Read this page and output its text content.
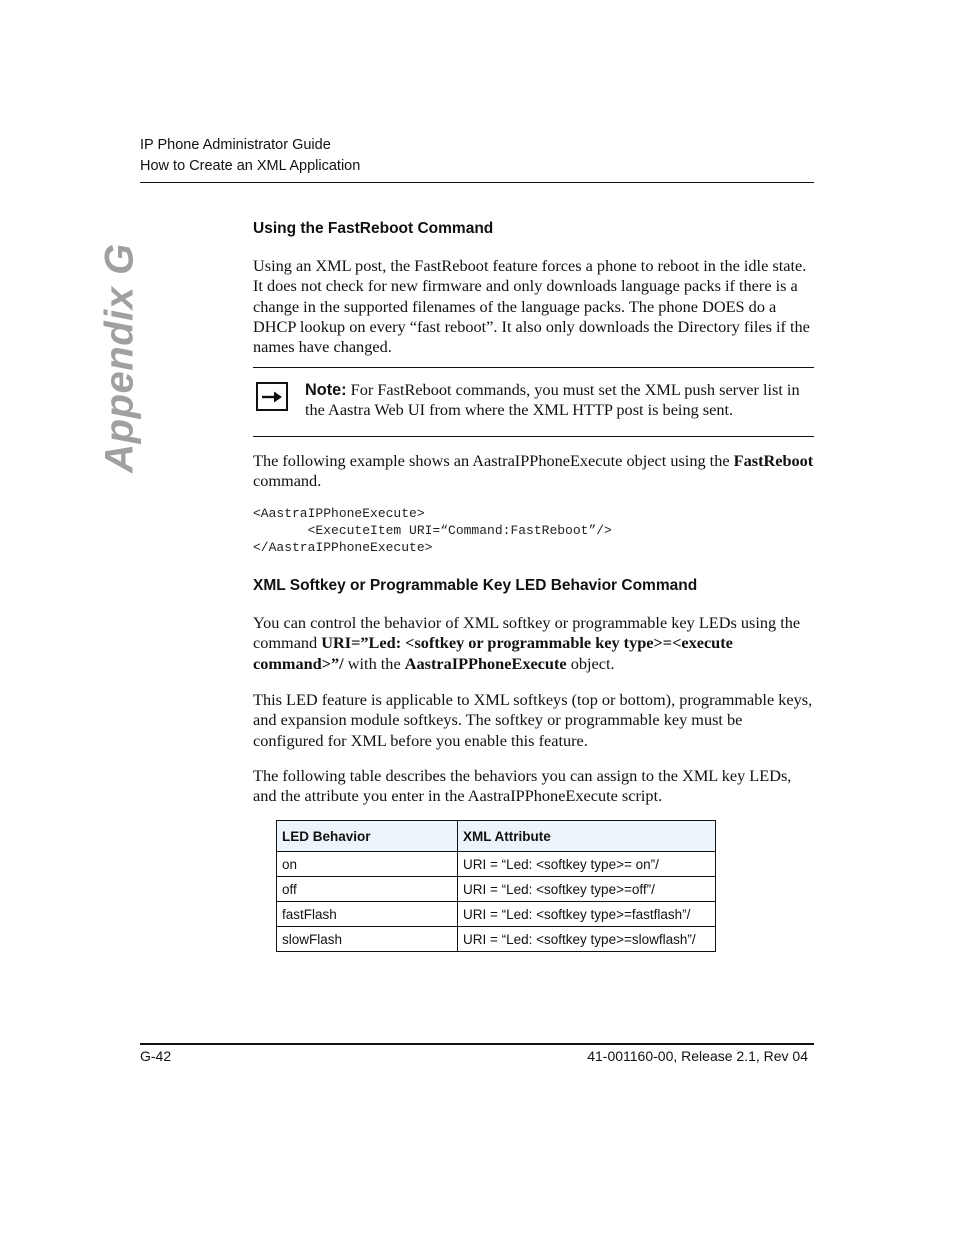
IP Phone Administrator Guide
How to Create an XML Application
Appendix G
Using the FastReboot Command

Using an XML post, the FastReboot feature forces a phone to reboot in the idle state. It does not check for new firmware and only downloads language packs if there is a change in the supported filenames of the language packs. The phone DOES do a DHCP lookup on every “fast reboot”. It also only downloads the Directory files if the names have changed.

Note: For FastReboot commands, you must set the XML push server list in the Aastra Web UI from where the XML HTTP post is being sent.

The following example shows an AastraIPPhoneExecute object using the FastReboot command.

<AastraIPPhoneExecute>
<ExecuteItem URI=“Command:FastReboot”/>
</AastraIPPhoneExecute>
XML Softkey or Programmable Key LED Behavior Command

You can control the behavior of XML softkey or programmable key LEDs using the command URI=”Led: <softkey or programmable key type>=<execute command>”/ with the AastraIPPhoneExecute object.

This LED feature is applicable to XML softkeys (top or bottom), programmable keys, and expansion module softkeys. The softkey or programmable key must be configured for XML before you enable this feature.

The following table describes the behaviors you can assign to the XML key LEDs, and the attribute you enter in the AastraIPPhoneExecute script.

LED Behavior	XML Attribute
on	URI = “Led: <softkey type>= on”/
off	URI = “Led: <softkey type>=off”/
fastFlash	URI = “Led: <softkey type>=fastflash”/
slowFlash	URI = “Led: <softkey type>=slowflash”/
G-42	41-001160-00, Release 2.1, Rev 04
